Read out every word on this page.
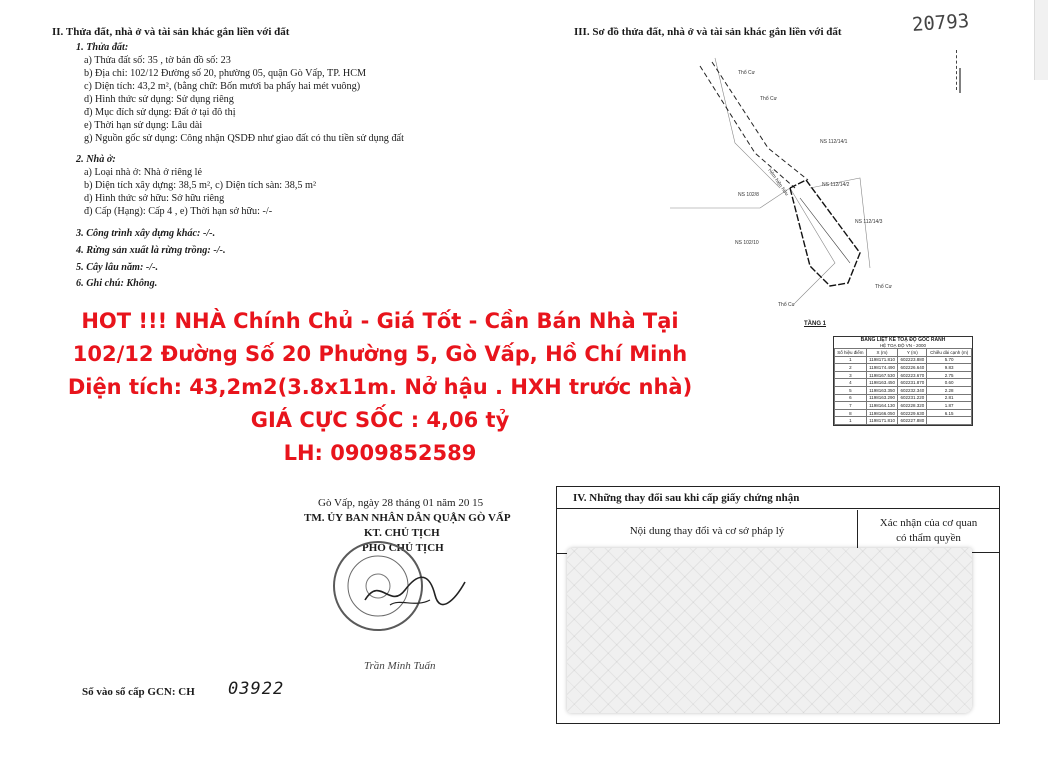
II. Thửa đất, nhà ở và tài sản khác gắn liền với đất
1. Thửa đất:
a) Thửa đất số: 35 , tờ bản đồ số: 23
b) Địa chỉ: 102/12 Đường số 20, phường 05, quận Gò Vấp, TP. HCM
c) Diện tích: 43,2 m², (bằng chữ: Bốn mươi ba phẩy hai mét vuông)
d) Hình thức sử dụng: Sử dụng riêng
đ) Mục đích sử dụng: Đất ở tại đô thị
e) Thời hạn sử dụng: Lâu dài
g) Nguồn gốc sử dụng: Công nhận QSDĐ như giao đất có thu tiền sử dụng đất
2. Nhà ở:
a) Loại nhà ở: Nhà ở riêng lẻ
b) Diện tích xây dựng: 38,5 m², c) Diện tích sàn: 38,5 m²
d) Hình thức sở hữu: Sở hữu riêng
đ) Cấp (Hạng): Cấp 4 , e) Thời hạn sở hữu: -/-
3. Công trình xây dựng khác: -/-.
4. Rừng sản xuất là rừng trồng: -/-.
5. Cây lâu năm: -/-.
6. Ghi chú: Không.
III. Sơ đồ thửa đất, nhà ở và tài sản khác gắn liền với đất	20793
Thổ Cư
Thổ Cư
NS 112/14/1
NS 112/14/2
NS 112/14/3
NS 102/8
NS 102/10
Thổ Cư
Thổ Cư
Hẻm hiện hữu
TẦNG 1
BẢNG LIỆT KÊ TOẠ ĐỘ GÓC RANH
HỆ TOẠ ĐỘ VN - 2000
Số hiệu điểm	X (m)	Y (m)	Chiều dài cạnh (m)
1	1198171.810	602223.880	5.70
2	1198174.490	602226.640	9.83
3	1198167.530	602223.670	2.75
4	1198163.450	602231.870	0.60
5	1198163.350	602232.340	2.28
6	1198163.290	602231.220	2.81
7	1198164.130	602228.320	1.87
8	1198166.050	602229.630	6.15
1	1198171.810	602227.880	
HOT !!! NHÀ Chính Chủ - Giá Tốt - Cần Bán Nhà Tại
102/12 Đường Số 20 Phường 5, Gò Vấp, Hồ Chí Minh
Diện tích: 43,2m2(3.8x11m. Nở hậu . HXH trước nhà)
GIÁ CỰC SỐC : 4,06 tỷ
LH: 0909852589
Gò Vấp, ngày 28 tháng 01 năm 20 15
TM. ỦY BAN NHÂN DÂN QUẬN GÒ VẤP
KT. CHỦ TỊCH
PHÓ CHỦ TỊCH
Trần Minh Tuấn
Số vào sổ cấp GCN: CH 03922
IV. Những thay đổi sau khi cấp giấy chứng nhận
Nội dung thay đổi và cơ sở pháp lý
Xác nhận của cơ quan
có thẩm quyền
